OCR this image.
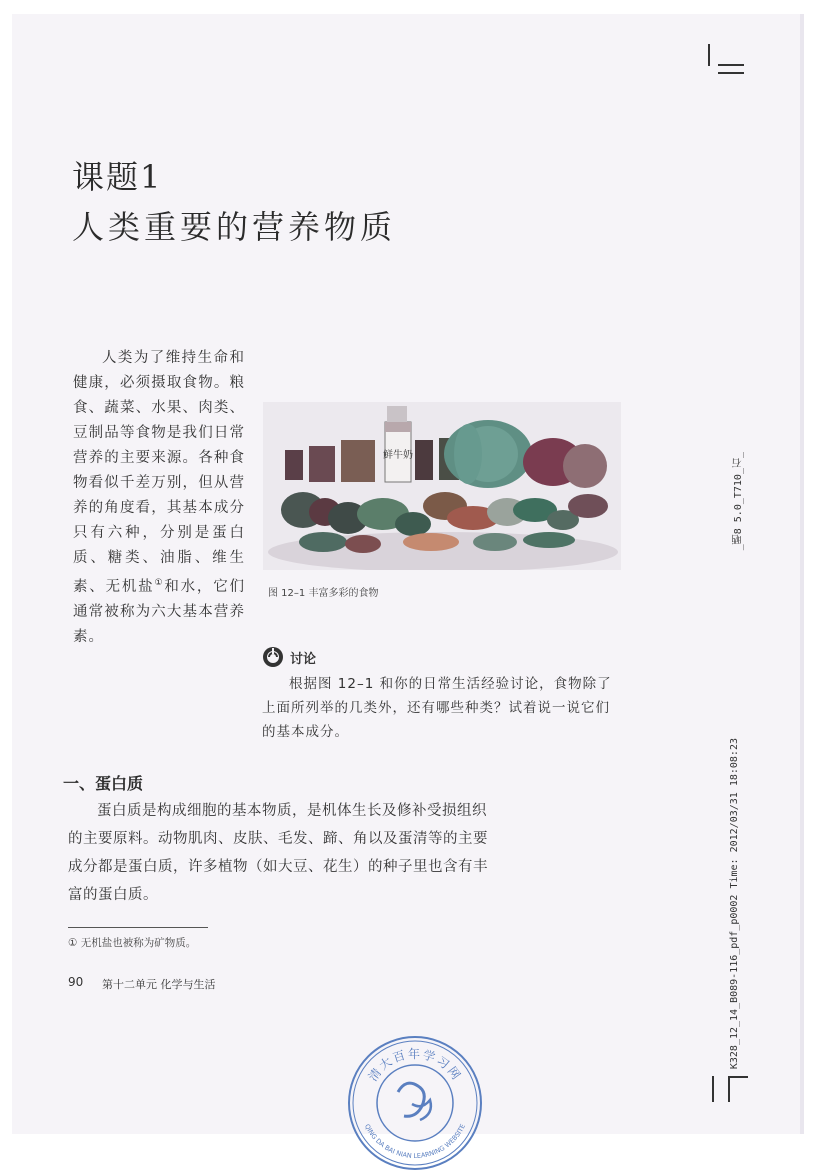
课题1
人类重要的营养物质

人类为了维持生命和健康，必须摄取食物。粮食、蔬菜、水果、肉类、豆制品等食物是我们日常营养的主要来源。各种食物看似千差万别，但从营养的角度看，其基本成分只有六种，分别是蛋白质、糖类、油脂、维生素、无机盐①和水，它们通常被称为六大基本营养素。

鲜牛奶
图 12–1 丰富多彩的食物
讨论

根据图 12–1 和你的日常生活经验讨论，食物除了上面所列举的几类外，还有哪些种类？试着说一说它们的基本成分。

一、蛋白质

蛋白质是构成细胞的基本物质，是机体生长及修补受损组织的主要原料。动物肌肉、皮肤、毛发、蹄、角以及蛋清等的主要成分都是蛋白质，许多植物（如大豆、花生）的种子里也含有丰富的蛋白质。

① 无机盐也被称为矿物质。
90 第十二单元 化学与生活
_晒8 5.0_T710_石_
K328_12_14_B089-116_pdf_p0002 Time: 2012/03/31 18:08:23
清大百年学习网
QING DA BAI NIAN LEARNING WEBSITE
